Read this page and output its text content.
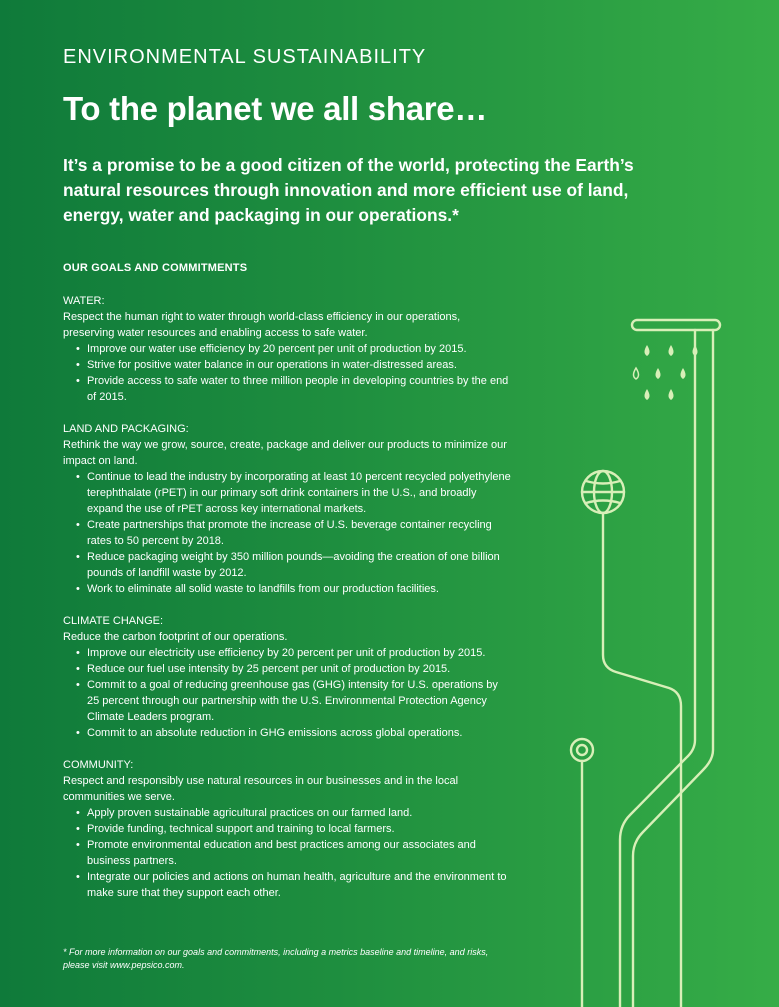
ENVIRONMENTAL SUSTAINABILITY
To the planet we all share…
It’s a promise to be a good citizen of the world, protecting the Earth’s natural resources through innovation and more efficient use of land, energy, water and packaging in our operations.*
OUR GOALS AND COMMITMENTS

WATER:

Respect the human right to water through world-class efficiency in our operations, preserving water resources and enabling access to safe water.

• Improve our water use efficiency by 20 percent per unit of production by 2015.
• Strive for positive water balance in our operations in water-distressed areas.
• Provide access to safe water to three million people in developing countries by the end of 2015.

LAND AND PACKAGING:

Rethink the way we grow, source, create, package and deliver our products to minimize our impact on land.

• Continue to lead the industry by incorporating at least 10 percent recycled polyethylene terephthalate (rPET) in our primary soft drink containers in the U.S., and broadly expand the use of rPET across key international markets.
• Create partnerships that promote the increase of U.S. beverage container recycling rates to 50 percent by 2018.
• Reduce packaging weight by 350 million pounds—avoiding the creation of one billion pounds of landfill waste by 2012.
• Work to eliminate all solid waste to landfills from our production facilities.

CLIMATE CHANGE:

Reduce the carbon footprint of our operations.

• Improve our electricity use efficiency by 20 percent per unit of production by 2015.
• Reduce our fuel use intensity by 25 percent per unit of production by 2015.
• Commit to a goal of reducing greenhouse gas (GHG) intensity for U.S. operations by 25 percent through our partnership with the U.S. Environmental Protection Agency Climate Leaders program.
• Commit to an absolute reduction in GHG emissions across global operations.

COMMUNITY:

Respect and responsibly use natural resources in our businesses and in the local communities we serve.

• Apply proven sustainable agricultural practices on our farmed land.
• Provide funding, technical support and training to local farmers.
• Promote environmental education and best practices among our associates and business partners.
• Integrate our policies and actions on human health, agriculture and the environment to make sure that they support each other.
* For more information on our goals and commitments, including a metrics baseline and timeline, and risks, please visit www.pepsico.com.
